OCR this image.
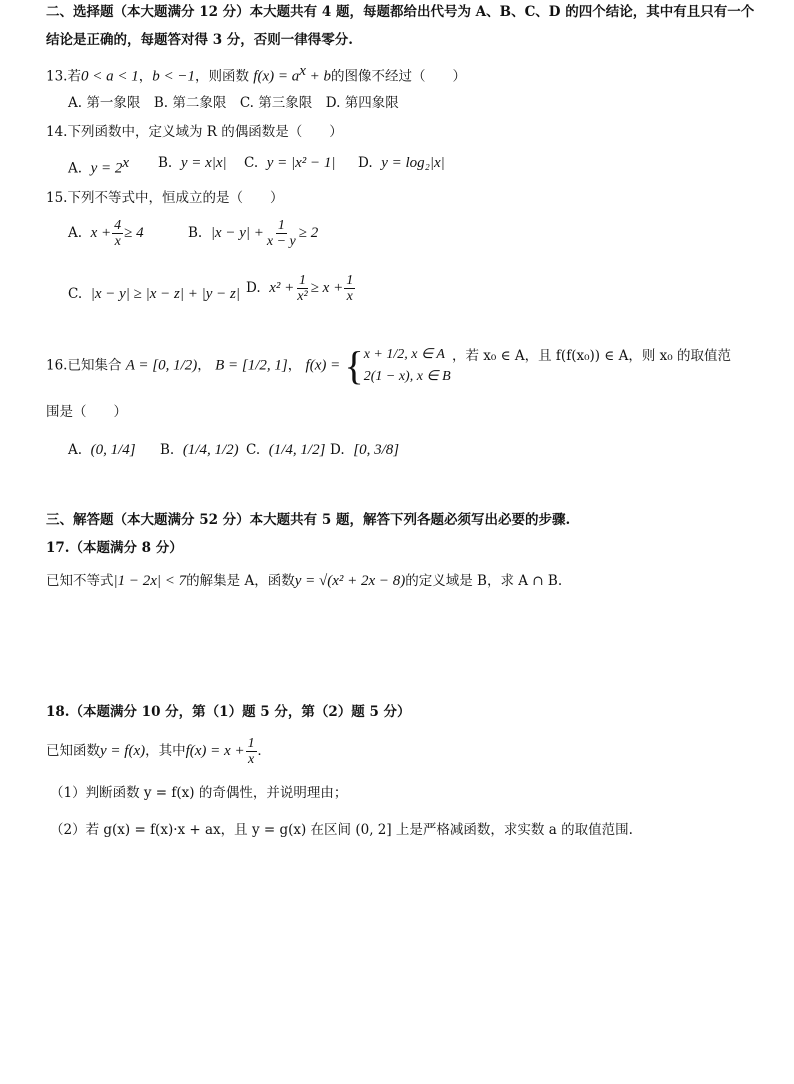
二、选择题（本大题满分 12 分）本大题共有 4 题，每题都给出代号为 A、B、C、D 的四个结论，其中有且只有一个
结论是正确的，每题答对得 3 分，否则一律得零分.
13.若0 < a < 1，b < −1，则函数 $f(x) = a^x + b$的图像不经过（　　）
A. 第一象限　B. 第二象限　C. 第三象限　D. 第四象限
14.下列函数中，定义域为 R 的偶函数是（　　）
A. $y = 2^x$ B. y = x|x| C. y = |x² − 1| D. y = log₂|x|
15.下列不等式中，恒成立的是（　　）
A. $x + \frac{4}{x} \ge 4$	B. $|x - y| + \frac{1}{x - y} \ge 2$
C. |x − y| ≥ |x − z| + |y − z| D. $x^2 + \frac{1}{\text{x²}} \ge x + \frac{1}{x}$
16.已知集合 A = [0, 1/2)， B = [1/2, 1]， f(x) = { x + 1/2, x ∈ A
2(1 − x), x ∈ B
，若 x₀ ∈ A，且 f(f(x₀)) ∈ A，则 x₀ 的取值范
围是（　　）
A. (0, 1/4] B. (1/4, 1/2) C. (1/4, 1/2] D. [0, 3/8]
三、解答题（本大题满分 52 分）本大题共有 5 题，解答下列各题必须写出必要的步骤.
17.（本题满分 8 分）
已知不等式|1 − 2x| < 7的解集是 A，函数y = √(x² + 2x − 8)的定义域是 B，求 A ∩ B.
18.（本题满分 10 分，第（1）题 5 分，第（2）题 5 分）
已知函数y = f(x)，其中$f(x) = x + \frac{1}{x}$ .
（1）判断函数 y = f(x) 的奇偶性，并说明理由；
（2）若 g(x) = f(x)·x + ax，且 y = g(x) 在区间 (0, 2] 上是严格减函数，求实数 a 的取值范围.
